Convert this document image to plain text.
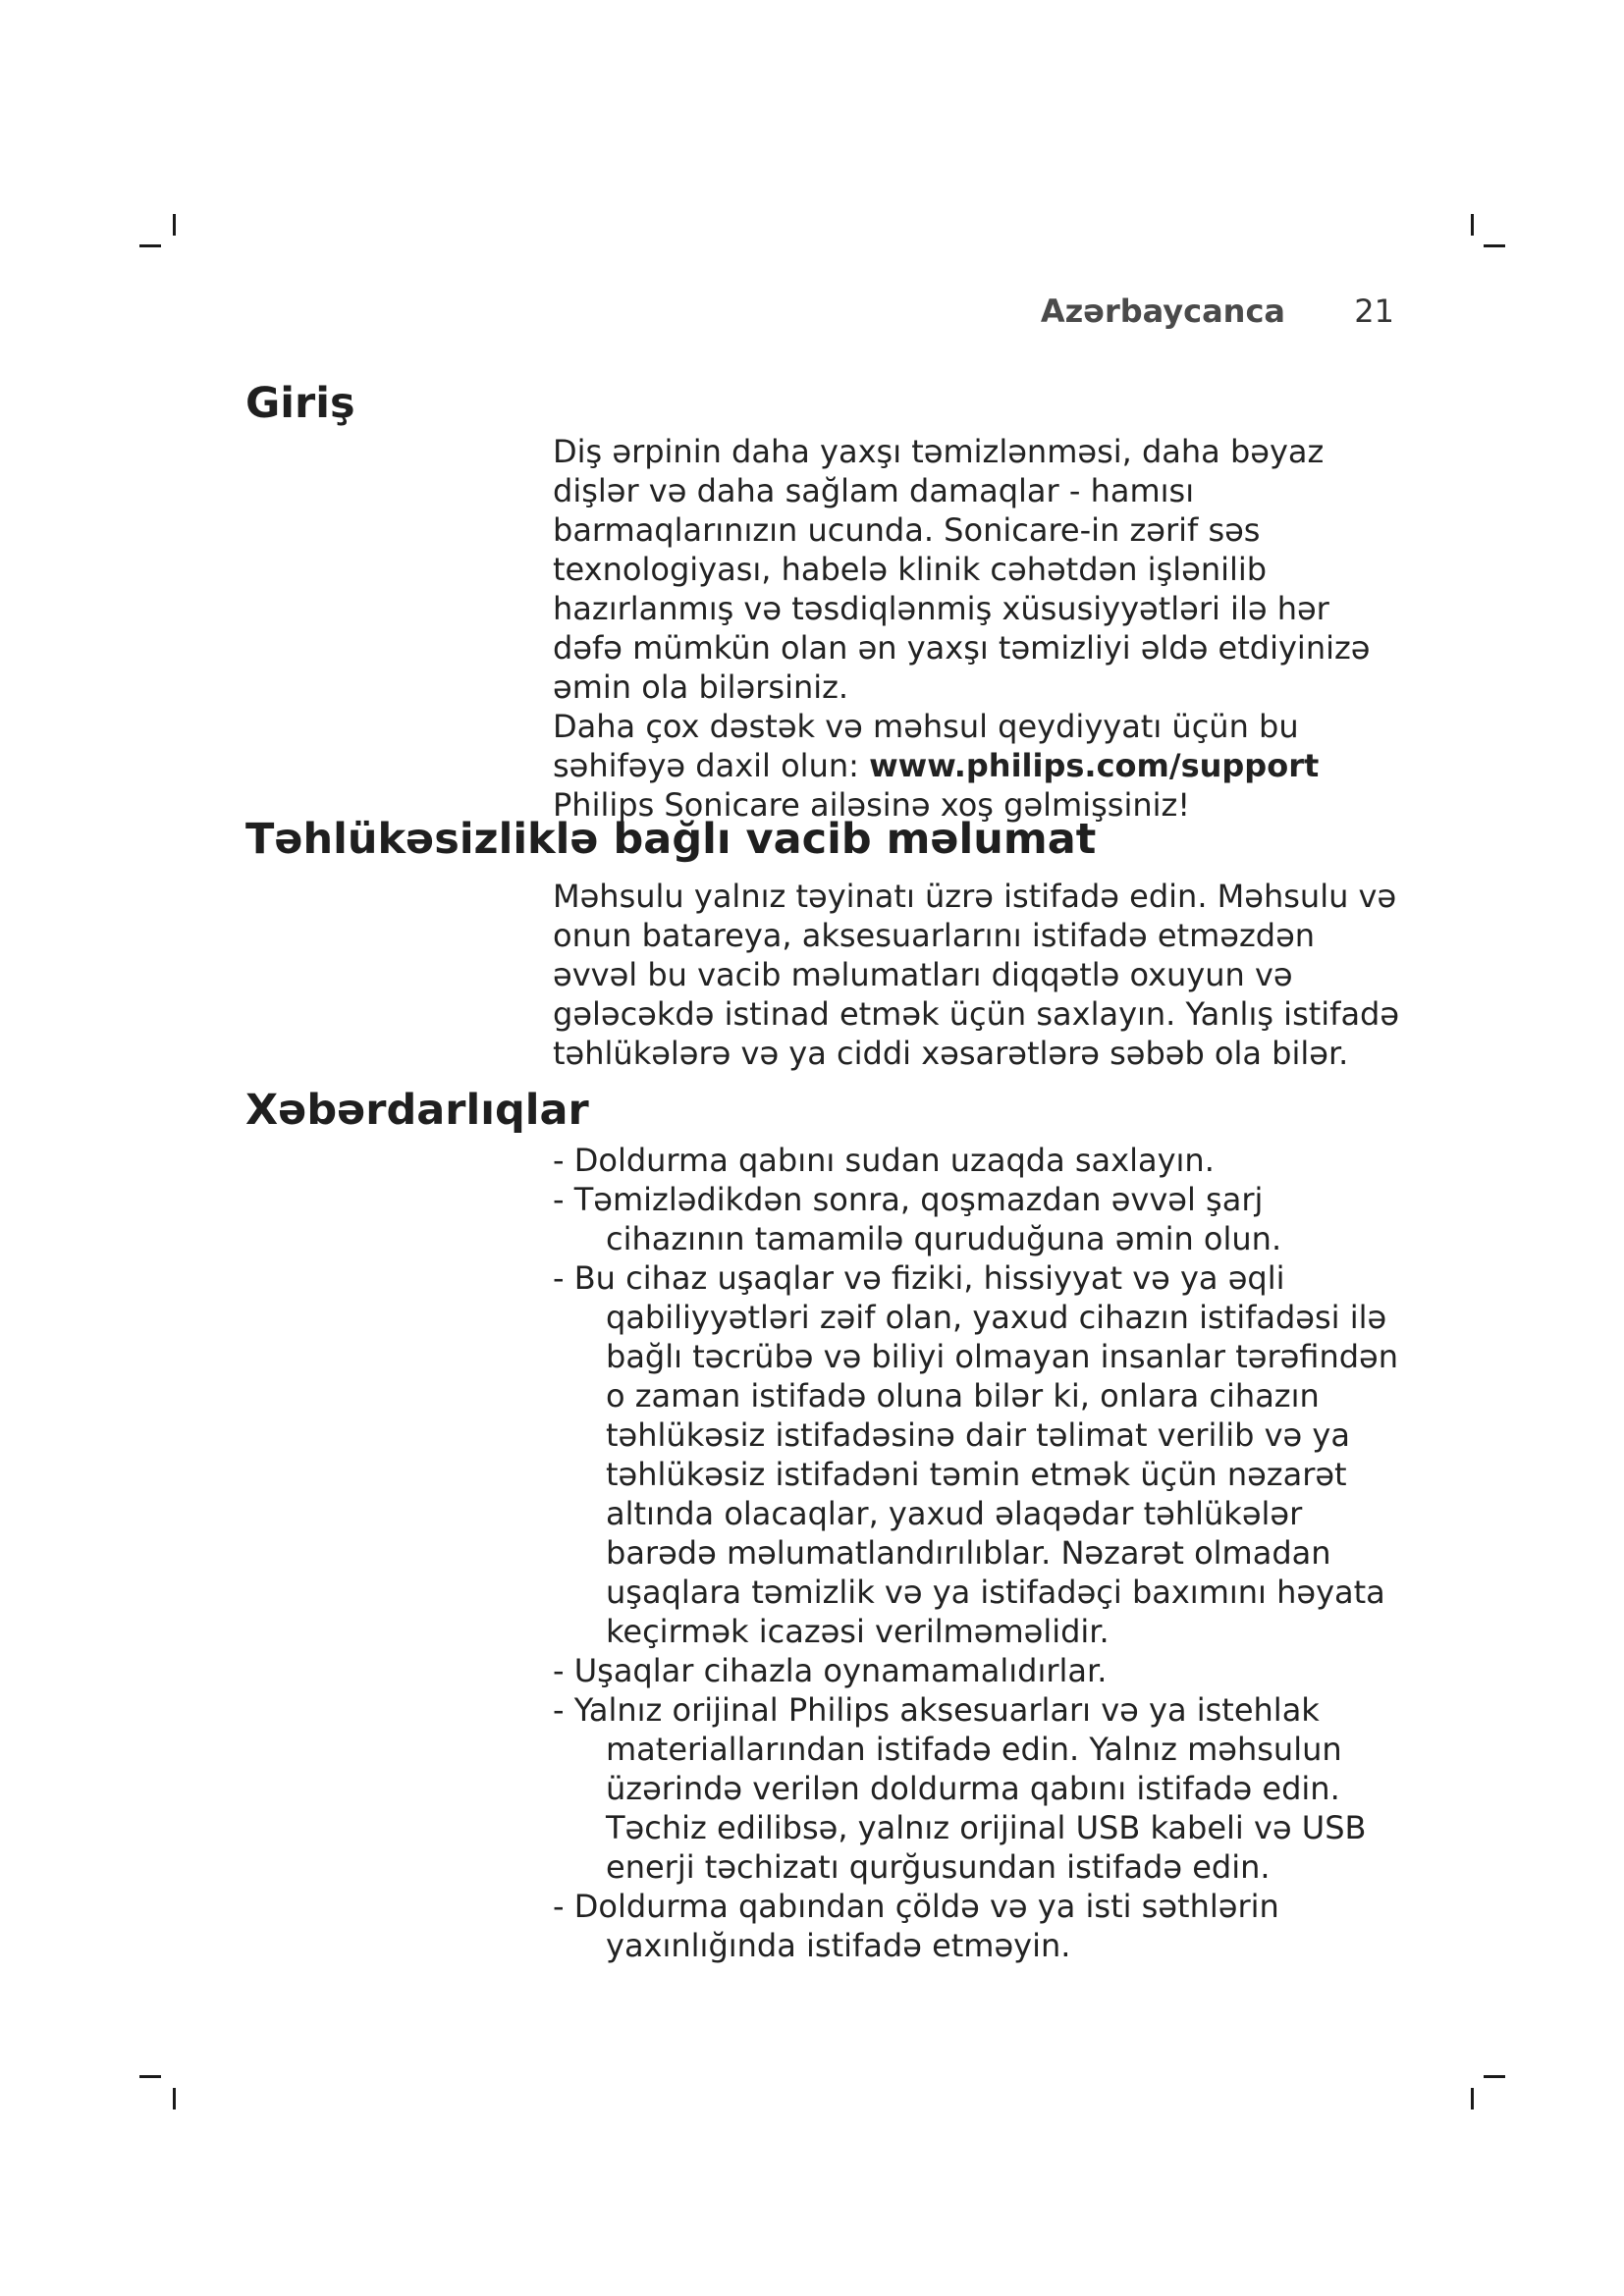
Azərbaycanca 21
Giriş

Diş ərpinin daha yaxşı təmizlənməsi, daha bəyaz dişlər və daha sağlam damaqlar - hamısı barmaqlarınızın ucunda. Sonicare-in zərif səs texnologiyası, habelə klinik cəhətdən işlənilib hazırlanmış və təsdiqlənmiş xüsusiyyətləri ilə hər dəfə mümkün olan ən yaxşı təmizliyi əldə etdiyinizə əmin ola bilərsiniz.

Daha çox dəstək və məhsul qeydiyyatı üçün bu səhifəyə daxil olun: www.philips.com/support

Philips Sonicare ailəsinə xoş gəlmişsiniz!

Təhlükəsizliklə bağlı vacib məlumat

Məhsulu yalnız təyinatı üzrə istifadə edin. Məhsulu və onun batareya, aksesuarlarını istifadə etməzdən əvvəl bu vacib məlumatları diqqətlə oxuyun və gələcəkdə istinad etmək üçün saxlayın. Yanlış istifadə təhlükələrə və ya ciddi xəsarətlərə səbəb ola bilər.

Xəbərdarlıqlar
- Doldurma qabını sudan uzaqda saxlayın.
- Təmizlədikdən sonra, qoşmazdan əvvəl şarj cihazının tamamilə quruduğuna əmin olun.
- Bu cihaz uşaqlar və fiziki, hissiyyat və ya əqli qabiliyyətləri zəif olan, yaxud cihazın istifadəsi ilə bağlı təcrübə və biliyi olmayan insanlar tərəfindən o zaman istifadə oluna bilər ki, onlara cihazın təhlükəsiz istifadəsinə dair təlimat verilib və ya təhlükəsiz istifadəni təmin etmək üçün nəzarət altında olacaqlar, yaxud əlaqədar təhlükələr barədə məlumatlandırılıblar. Nəzarət olmadan uşaqlara təmizlik və ya istifadəçi baxımını həyata keçirmək icazəsi verilməməlidir.
- Uşaqlar cihazla oynamamalıdırlar.
- Yalnız orijinal Philips aksesuarları və ya istehlak materiallarından istifadə edin. Yalnız məhsulun üzərində verilən doldurma qabını istifadə edin. Təchiz edilibsə, yalnız orijinal USB kabeli və USB enerji təchizatı qurğusundan istifadə edin.
- Doldurma qabından çöldə və ya isti səthlərin yaxınlığında istifadə etməyin.
